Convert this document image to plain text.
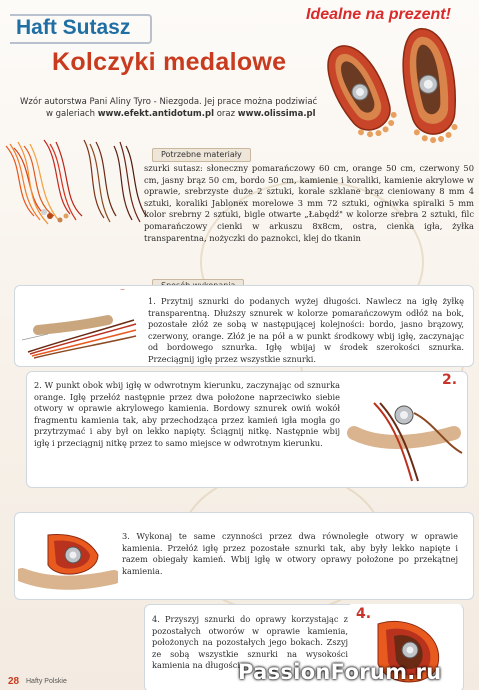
Haft Sutasz
Kolczyki medalowe
Idealne na prezent!
Wzór autorstwa Pani Aliny Tyro - Niezgoda. Jej prace można podziwiać
w galeriach www.efekt.antidotum.pl oraz www.olissima.pl
Potrzebne materiały
szurki sutasz: słoneczny pomarańczowy 60 cm, orange 50 cm, czerwony 50 cm, jasny brąz 50 cm, bordo 50 cm, kamienie i koraliki, kamienie akrylowe w oprawie, srebrzyste duże 2 sztuki, korale szklane brąz cieniowany 8 mm 4 sztuki, koraliki Jablonex morelowe 3 mm 72 sztuki, ogniwka spiralki 5 mm kolor srebrny 2 sztuki, bigle otwarte „Łabędź" w kolorze srebra 2 sztuki, filc pomarańczowy cienki w arkuszu 8x8cm, ostra, cienka igła, żyłka transparentna, nożyczki do paznokci, klej do tkanin
1. Przytnij sznurki do podanych wyżej długości. Nawlecz na igłę żyłkę transparentną. Dłuższy sznurek w kolorze pomarańczowym odłóż na bok, pozostałe złóż ze sobą w następującej kolejności: bordo, jasno brązowy, czerwony, orange. Złóż je na pół a w punkt środkowy wbij igłę, zaczynając od bordowego sznurka. Igłę wbijaj w środek szerokości sznurka. Przeciągnij igłę przez wszystkie sznurki.
2. W punkt obok wbij igłę w odwrotnym kierunku, zaczynając od sznurka orange. Igłę przełóż następnie przez dwa położone naprzeciwko siebie otwory w oprawie akrylowego kamienia. Bordowy sznurek owiń wokół fragmentu kamienia tak, aby przechodząca przez kamień igła mogła go przytrzymać i aby był on lekko napięty. Ściągnij nitkę. Następnie wbij igłę i przeciągnij nitkę przez to samo miejsce w odwrotnym kierunku.
2.
3. Wykonaj te same czynności przez dwa równoległe otwory w oprawie kamienia. Przełóż igłę przez pozostałe sznurki tak, aby były lekko napięte i razem obiegały kamień. Wbij igłę w otwory oprawy położone po przekątnej kamienia.
4. Przyszyj sznurki do oprawy korzystając z pozostałych otworów w oprawie kamienia, położonych na pozostałych jego bokach. Zszyj ze sobą wszystkie sznurki na wysokości kamienia na długości
4.
28 Hafty Polskie	PassionForum.ru
